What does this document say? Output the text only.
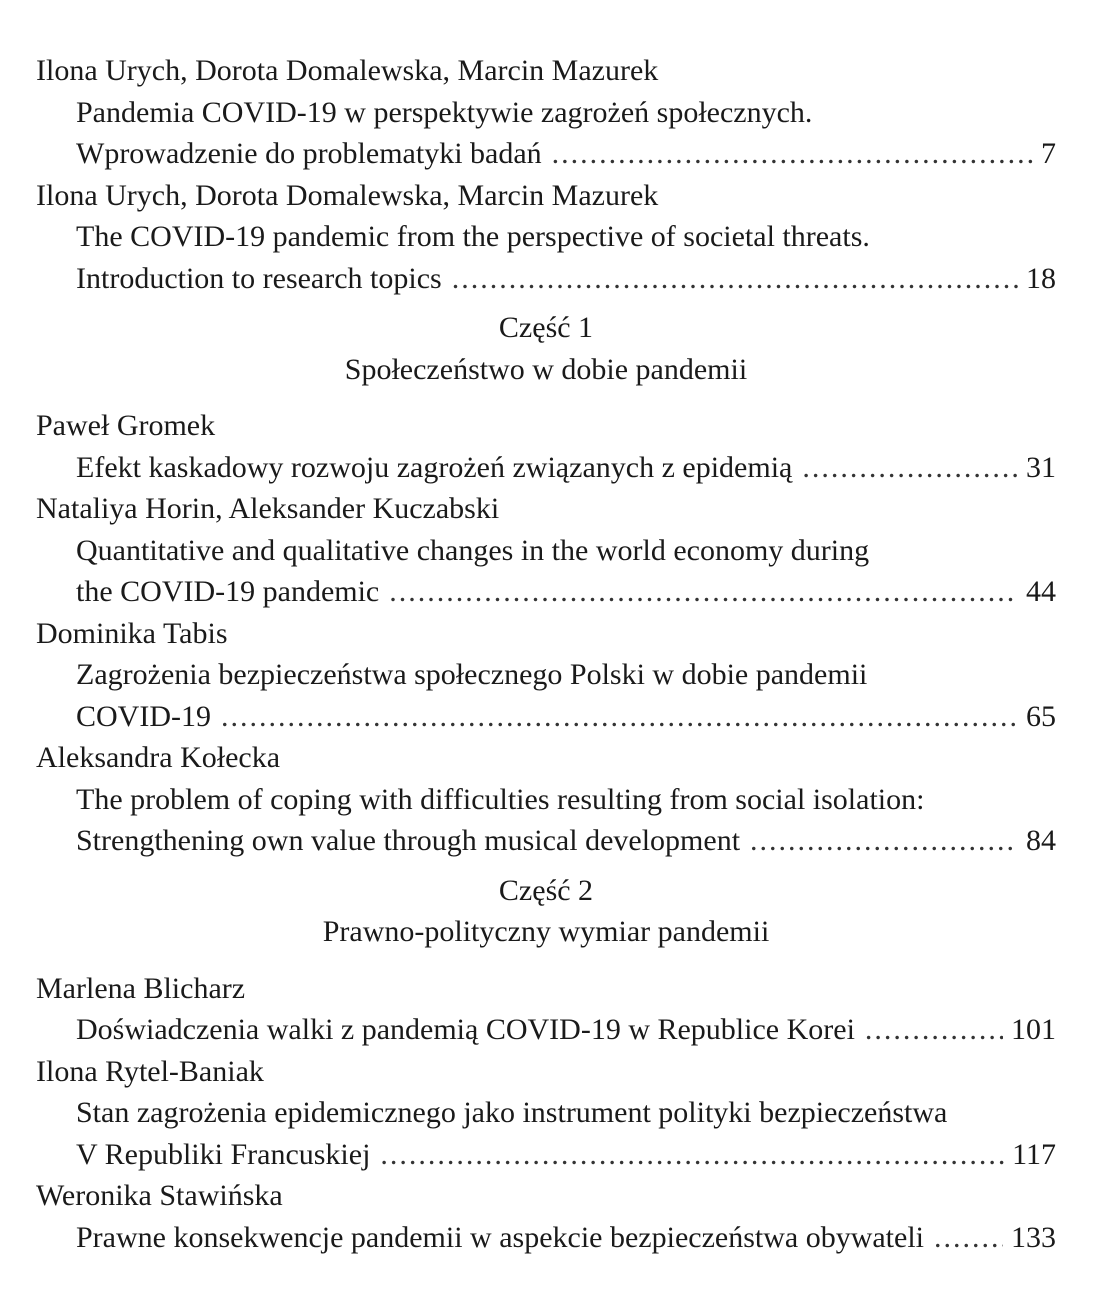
Ilona Urych, Dorota Domalewska, Marcin Mazurek
Pandemia COVID-19 w perspektywie zagrożeń społecznych.
Wprowadzenie do problematyki badań .....	7
Ilona Urych, Dorota Domalewska, Marcin Mazurek
The COVID-19 pandemic from the perspective of societal threats.
Introduction to research topics .....	18
Część 1
Społeczeństwo w dobie pandemii
Paweł Gromek
Efekt kaskadowy rozwoju zagrożeń związanych z epidemią .....	31
Nataliya Horin, Aleksander Kuczabski
Quantitative and qualitative changes in the world economy during
the COVID-19 pandemic .....	44
Dominika Tabis
Zagrożenia bezpieczeństwa społecznego Polski w dobie pandemii
COVID-19 .....	65
Aleksandra Kołecka
The problem of coping with difficulties resulting from social isolation:
Strengthening own value through musical development .....	84
Część 2
Prawno-polityczny wymiar pandemii
Marlena Blicharz
Doświadczenia walki z pandemią COVID-19 w Republice Korei .....	101
Ilona Rytel-Baniak
Stan zagrożenia epidemicznego jako instrument polityki bezpieczeństwa
V Republiki Francuskiej .....	117
Weronika Stawińska
Prawne konsekwencje pandemii w aspekcie bezpieczeństwa obywateli .....	133
